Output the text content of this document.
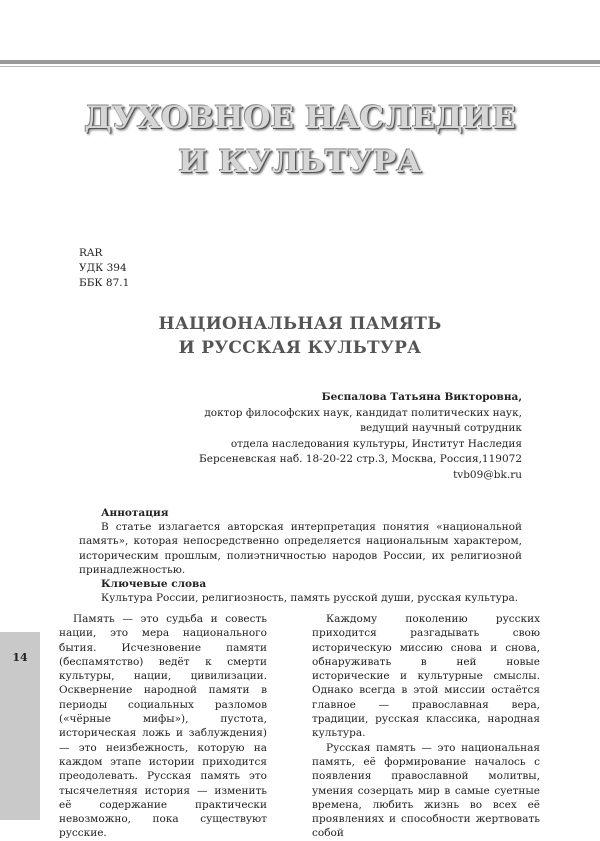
ДУХОВНОЕ НАСЛЕДИЕ
И КУЛЬТУРА
RAR
УДК 394
ББК 87.1
НАЦИОНАЛЬНАЯ ПАМЯТЬ
И РУССКАЯ КУЛЬТУРА
Беспалова Татьяна Викторовна,
доктор философских наук, кандидат политических наук,
ведущий научный сотрудник
отдела наследования культуры, Институт Наследия
Берсеневская наб. 18-20-22 стр.3, Москва, Россия,119072
tvb09@bk.ru
Аннотация
В статье излагается авторская интерпретация понятия «национальной память», которая непосредственно определяется национальным характером, историческим прошлым, полиэтничностью народов России, их религиозной принадлежностью.
Ключевые слова
Культура России, религиозность, память русской души, русская культура.
14

Память — это судьба и совесть нации, это мера национального бытия. Исчезновение памяти (беспамятство) ведёт к смерти культуры, нации, цивилизации. Осквернение народной памяти в периоды социальных разломов («чёрные мифы»), пустота, историческая ложь и заблуждения) — это неизбежность, которую на каждом этапе истории приходится преодолевать. Русская память это тысячелетняя история — изменить её содержание практически невозможно, пока существуют русские.

Каждому поколению русских приходится разгадывать свою историческую миссию снова и снова, обнаруживать в ней новые исторические и культурные смыслы. Однако всегда в этой миссии остаётся главное — православная вера, традиции, русская классика, народная культура.

Русская память — это национальная память, её формирование началось с появления православной молитвы, умения созерцать мир в самые суетные времена, любить жизнь во всех её проявлениях и способности жертвовать собой
